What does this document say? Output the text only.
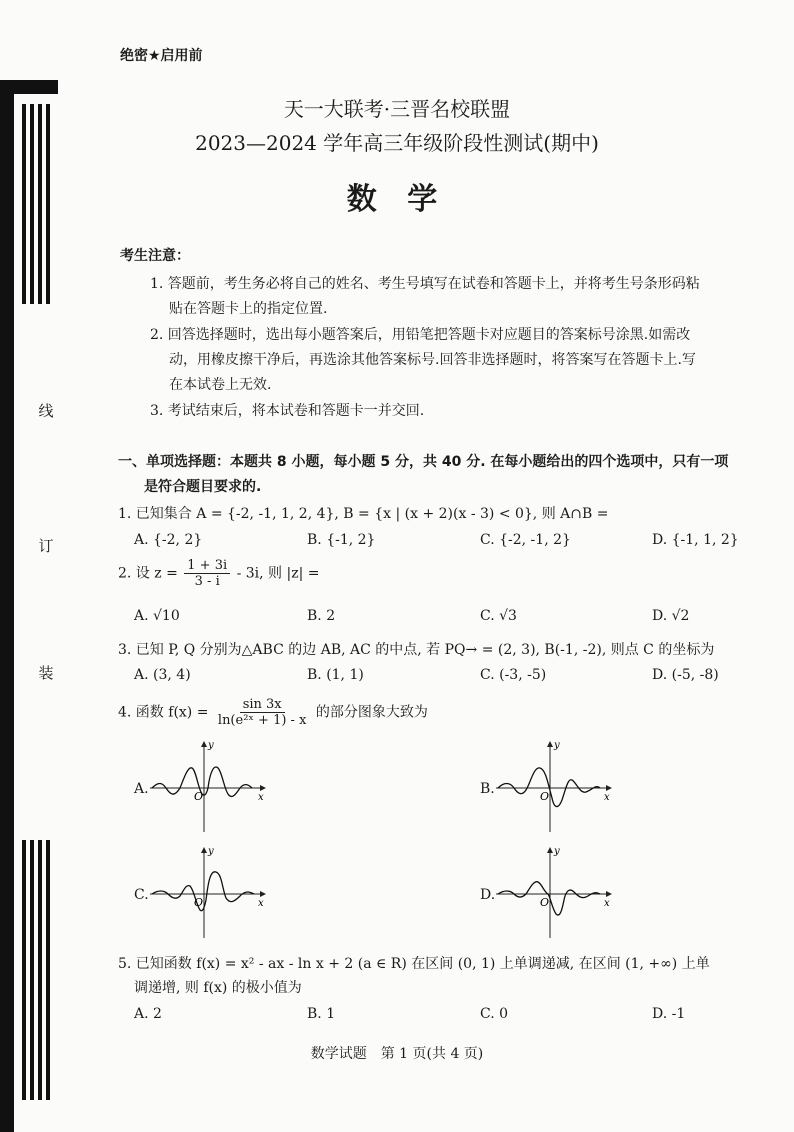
线
订
装
绝密★启用前
天一大联考·三晋名校联盟
2023—2024 学年高三年级阶段性测试(期中)
数 学
考生注意：
1. 答题前，考生务必将自己的姓名、考生号填写在试卷和答题卡上，并将考生号条形码粘
贴在答题卡上的指定位置.
2. 回答选择题时，选出每小题答案后，用铅笔把答题卡对应题目的答案标号涂黑.如需改
动，用橡皮擦干净后，再选涂其他答案标号.回答非选择题时，将答案写在答题卡上.写
在本试卷上无效.
3. 考试结束后，将本试卷和答题卡一并交回.
一、单项选择题：本题共 8 小题，每小题 5 分，共 40 分. 在每小题给出的四个选项中，只有一项
是符合题目要求的.
1. 已知集合 A = {-2, -1, 1, 2, 4}, B = {x | (x + 2)(x - 3) < 0}, 则 A∩B =
A. {-2, 2}	B. {-1, 2}	C. {-2, -1, 2}	D. {-1, 1, 2}
2. 设 $z = \frac{1 + 3i}{3 - i} - 3i$, 则 |z| =
A. √10	B. 2	C. √3	D. √2
3. 已知 P, Q 分别为△ABC 的边 AB, AC 的中点, 若 PQ→ = (2, 3), B(-1, -2), 则点 C 的坐标为
A. (3, 4)	B. (1, 1)	C. (-3, -5)	D. (-5, -8)
4. 函数 $f(x) = \frac{\sin 3x}{\text{ln(e²ˣ + 1) - x}}$ 的部分图象大致为
A.	B.
C.	D.
O	x
y
O	x
y
O	x
y
O	x
y
5. 已知函数 f(x) = x² - ax - ln x + 2 (a ∈ R) 在区间 (0, 1) 上单调递减, 在区间 (1, +∞) 上单
调递增, 则 f(x) 的极小值为
A. 2	B. 1	C. 0	D. -1
数学试题　第 1 页(共 4 页)
